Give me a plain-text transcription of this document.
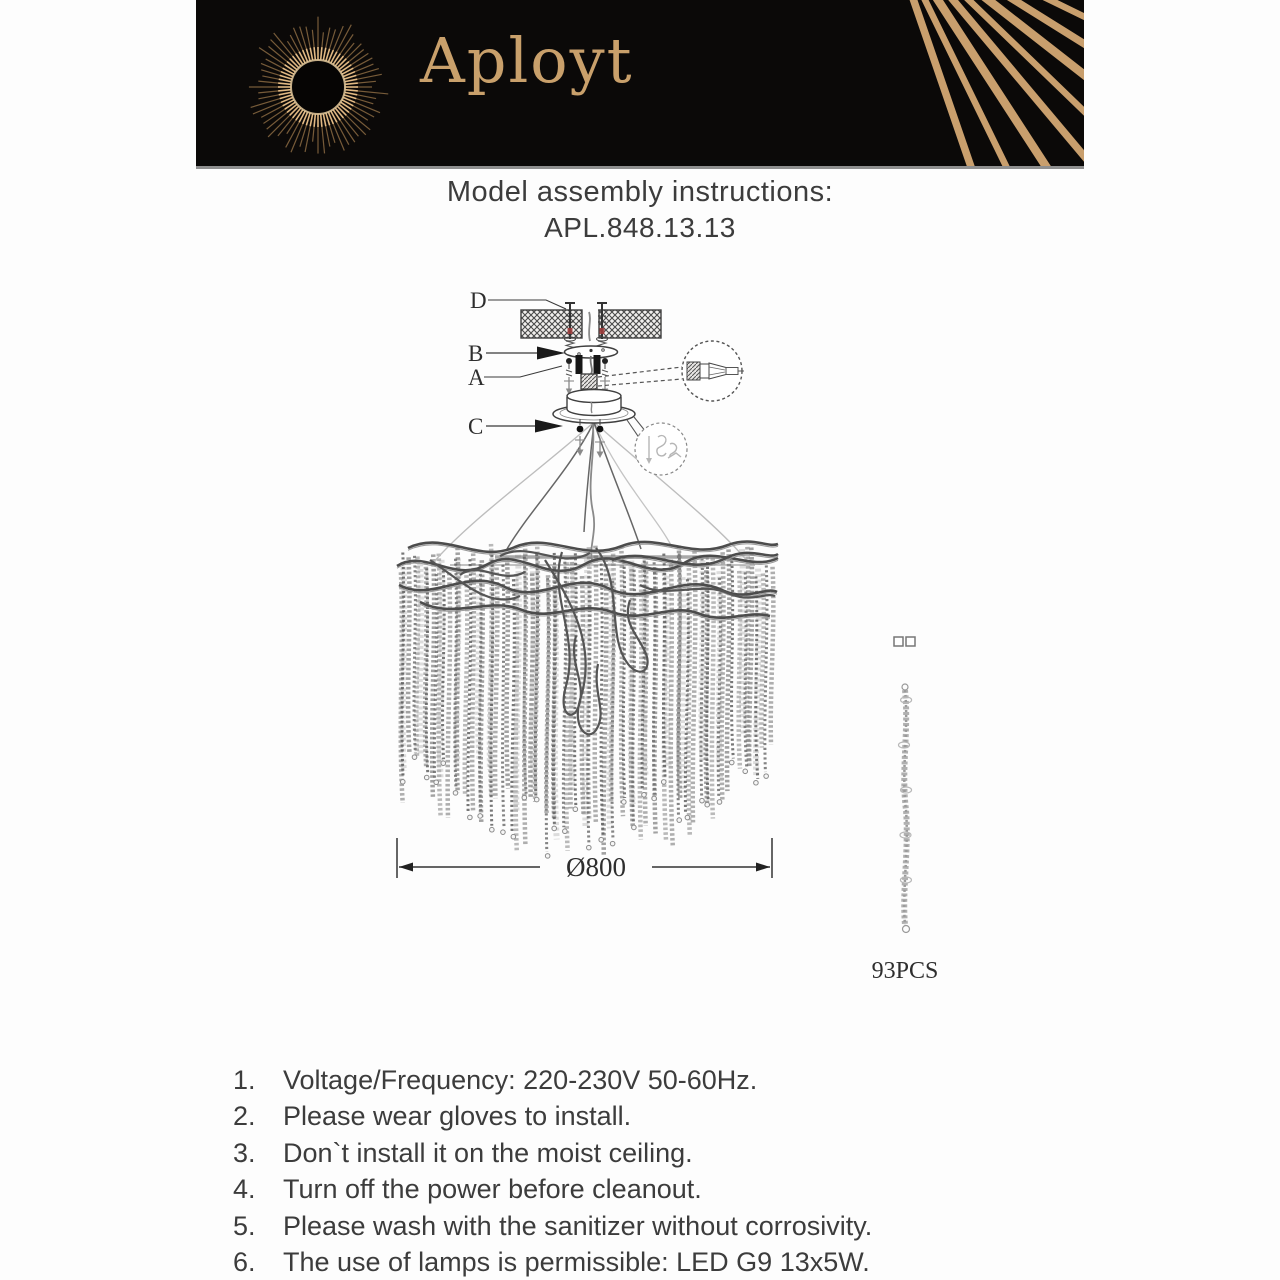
Aployt
Model assembly instructions:
APL.848.13.13
D
B
A
C
Ø800
93PCS
1.	Voltage/Frequency: 220-230V 50-60Hz.
2.	Please wear gloves to install.
3.	Don`t install it on the moist ceiling.
4.	Turn off the power before cleanout.
5.	Please wash with the sanitizer without corrosivity.
6.	The use of lamps is permissible: LED G9 13x5W.
